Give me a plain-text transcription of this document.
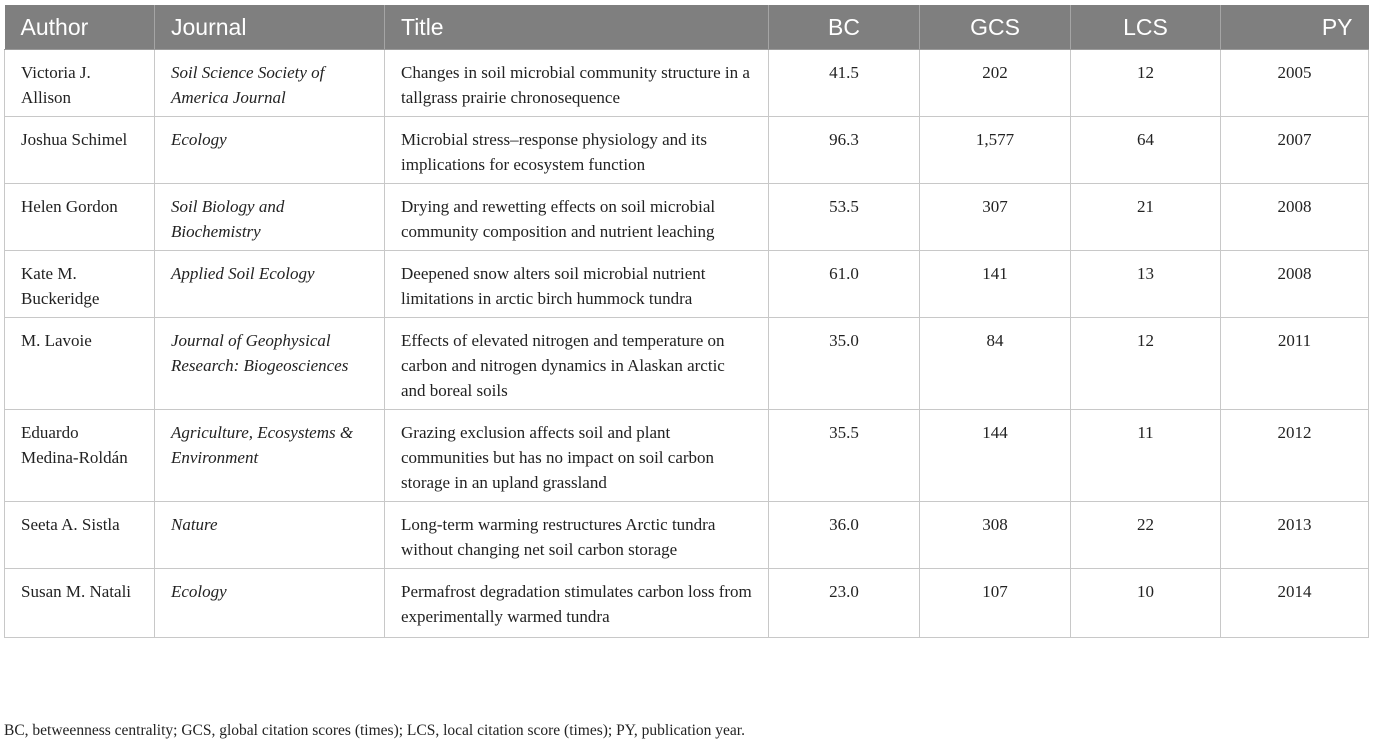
Author	Journal	Title	BC	GCS	LCS	PY
Victoria J. Allison	Soil Science Society of America Journal	Changes in soil microbial community structure in a tallgrass prairie chronosequence	41.5	202	12	2005
Joshua Schimel	Ecology	Microbial stress–response physiology and its implications for ecosystem function	96.3	1,577	64	2007
Helen Gordon	Soil Biology and Biochemistry	Drying and rewetting effects on soil microbial community composition and nutrient leaching	53.5	307	21	2008
Kate M. Buckeridge	Applied Soil Ecology	Deepened snow alters soil microbial nutrient limitations in arctic birch hummock tundra	61.0	141	13	2008
M. Lavoie	Journal of Geophysical Research: Biogeosciences	Effects of elevated nitrogen and temperature on carbon and nitrogen dynamics in Alaskan arctic and boreal soils	35.0	84	12	2011
Eduardo Medina-Roldán	Agriculture, Ecosystems & Environment	Grazing exclusion affects soil and plant communities but has no impact on soil carbon storage in an upland grassland	35.5	144	11	2012
Seeta A. Sistla	Nature	Long-term warming restructures Arctic tundra without changing net soil carbon storage	36.0	308	22	2013
Susan M. Natali	Ecology	Permafrost degradation stimulates carbon loss from experimentally warmed tundra	23.0	107	10	2014
BC, betweenness centrality; GCS, global citation scores (times); LCS, local citation score (times); PY, publication year.
